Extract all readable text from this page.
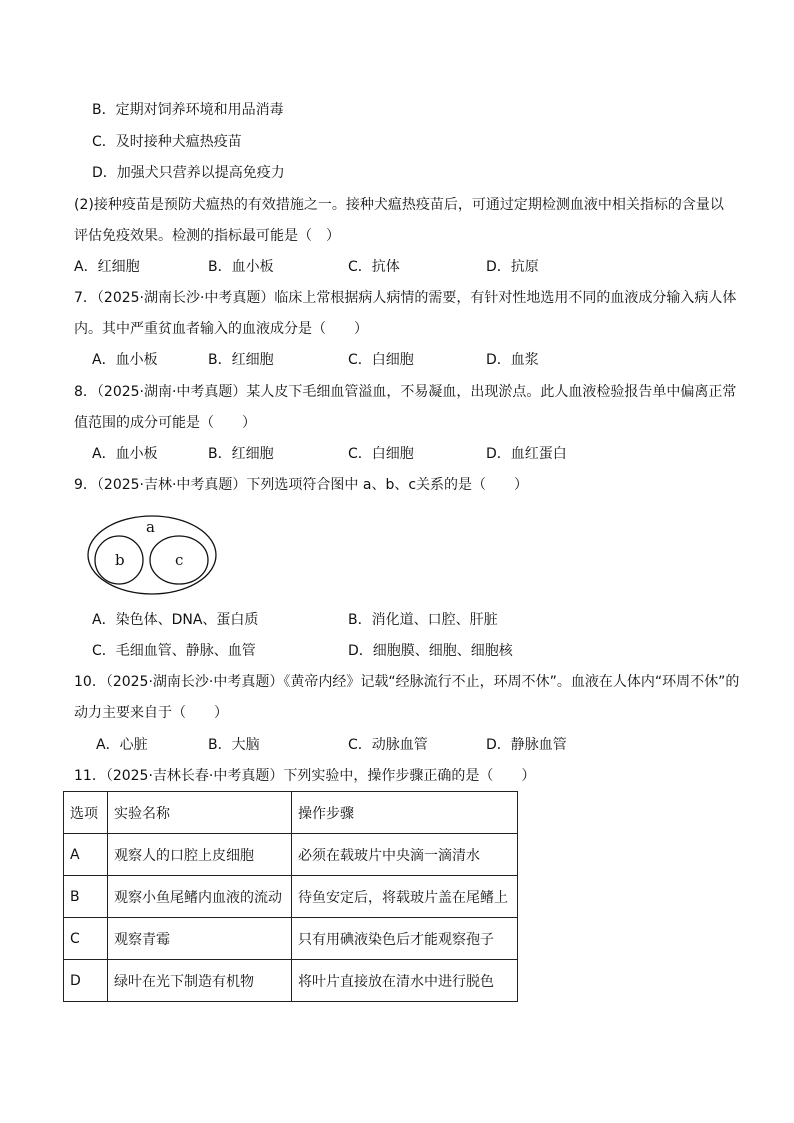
B．定期对饲养环境和用品消毒
C．及时接种犬瘟热疫苗
D．加强犬只营养以提高免疫力
(2)接种疫苗是预防犬瘟热的有效措施之一。接种犬瘟热疫苗后，可通过定期检测血液中相关指标的含量以
评估免疫效果。检测的指标最可能是（　）
A．红细胞	B．血小板	C．抗体	D．抗原
7．（2025·湖南长沙·中考真题）临床上常根据病人病情的需要，有针对性地选用不同的血液成分输入病人体
内。其中严重贫血者输入的血液成分是（　　）
A．血小板	B．红细胞	C．白细胞	D．血浆
8．（2025·湖南·中考真题）某人皮下毛细血管溢血，不易凝血，出现淤点。此人血液检验报告单中偏离正常
值范围的成分可能是（　　）
A．血小板	B．红细胞	C．白细胞	D．血红蛋白
9．（2025·吉林·中考真题）下列选项符合图中 a、b、c关系的是（　　）
a
b	c
A．染色体、DNA、蛋白质	B．消化道、口腔、肝脏
C．毛细血管、静脉、血管	D．细胞膜、细胞、细胞核
10．（2025·湖南长沙·中考真题）《黄帝内经》记载“经脉流行不止，环周不休”。血液在人体内“环周不休”的
动力主要来自于（　　）
A．心脏	B．大脑	C．动脉血管	D．静脉血管
11．（2025·吉林长春·中考真题）下列实验中，操作步骤正确的是（　　）
选项	实验名称	操作步骤
A	观察人的口腔上皮细胞	必须在载玻片中央滴一滴清水
B	观察小鱼尾鳍内血液的流动	待鱼安定后，将载玻片盖在尾鳍上
C	观察青霉	只有用碘液染色后才能观察孢子
D	绿叶在光下制造有机物	将叶片直接放在清水中进行脱色
